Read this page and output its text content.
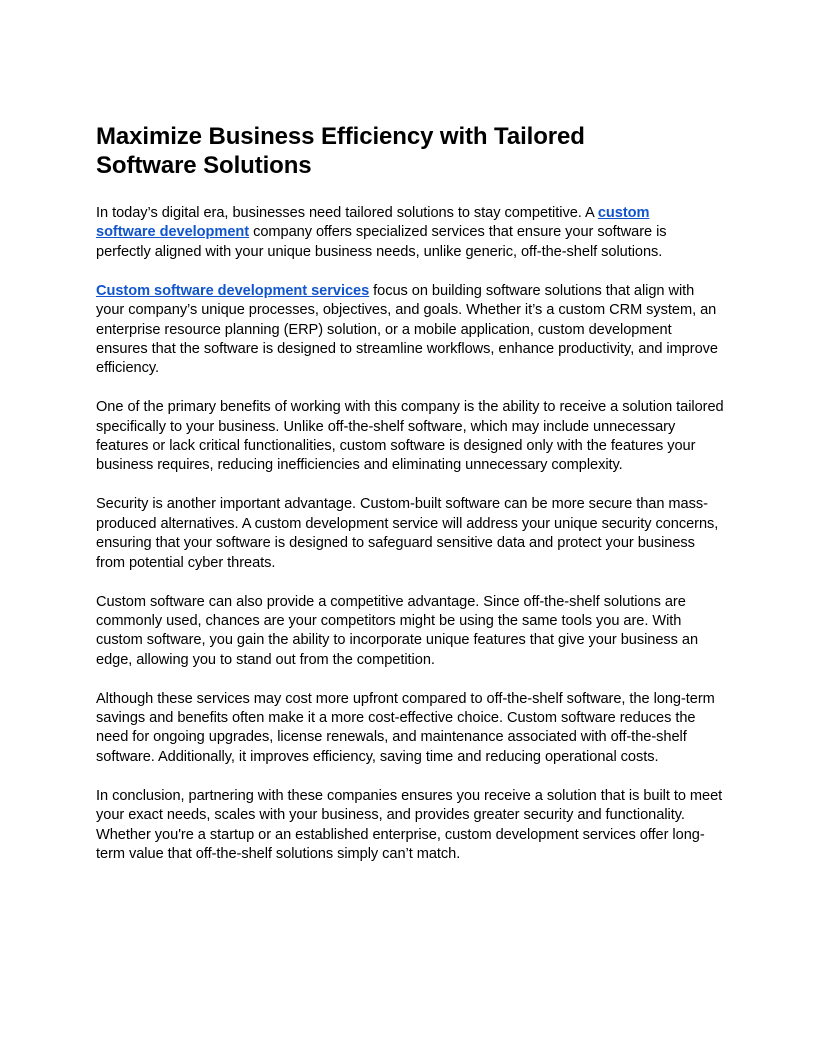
Maximize Business Efficiency with Tailored
Software Solutions

In today’s digital era, businesses need tailored solutions to stay competitive. A custom
software development company offers specialized services that ensure your software is perfectly aligned with your unique business needs, unlike generic, off-the-shelf solutions.

Custom software development services focus on building software solutions that align with your company’s unique processes, objectives, and goals. Whether it’s a custom CRM system, an enterprise resource planning (ERP) solution, or a mobile application, custom development ensures that the software is designed to streamline workflows, enhance productivity, and improve efficiency.

One of the primary benefits of working with this company is the ability to receive a solution tailored specifically to your business. Unlike off-the-shelf software, which may include unnecessary features or lack critical functionalities, custom software is designed only with the features your business requires, reducing inefficiencies and eliminating unnecessary complexity.

Security is another important advantage. Custom-built software can be more secure than mass-produced alternatives. A custom development service will address your unique security concerns, ensuring that your software is designed to safeguard sensitive data and protect your business from potential cyber threats.

Custom software can also provide a competitive advantage. Since off-the-shelf solutions are commonly used, chances are your competitors might be using the same tools you are. With custom software, you gain the ability to incorporate unique features that give your business an edge, allowing you to stand out from the competition.

Although these services may cost more upfront compared to off-the-shelf software, the long-term savings and benefits often make it a more cost-effective choice. Custom software reduces the need for ongoing upgrades, license renewals, and maintenance associated with off-the-shelf software. Additionally, it improves efficiency, saving time and reducing operational costs.

In conclusion, partnering with these companies ensures you receive a solution that is built to meet your exact needs, scales with your business, and provides greater security and functionality. Whether you're a startup or an established enterprise, custom development services offer long-term value that off-the-shelf solutions simply can’t match.
